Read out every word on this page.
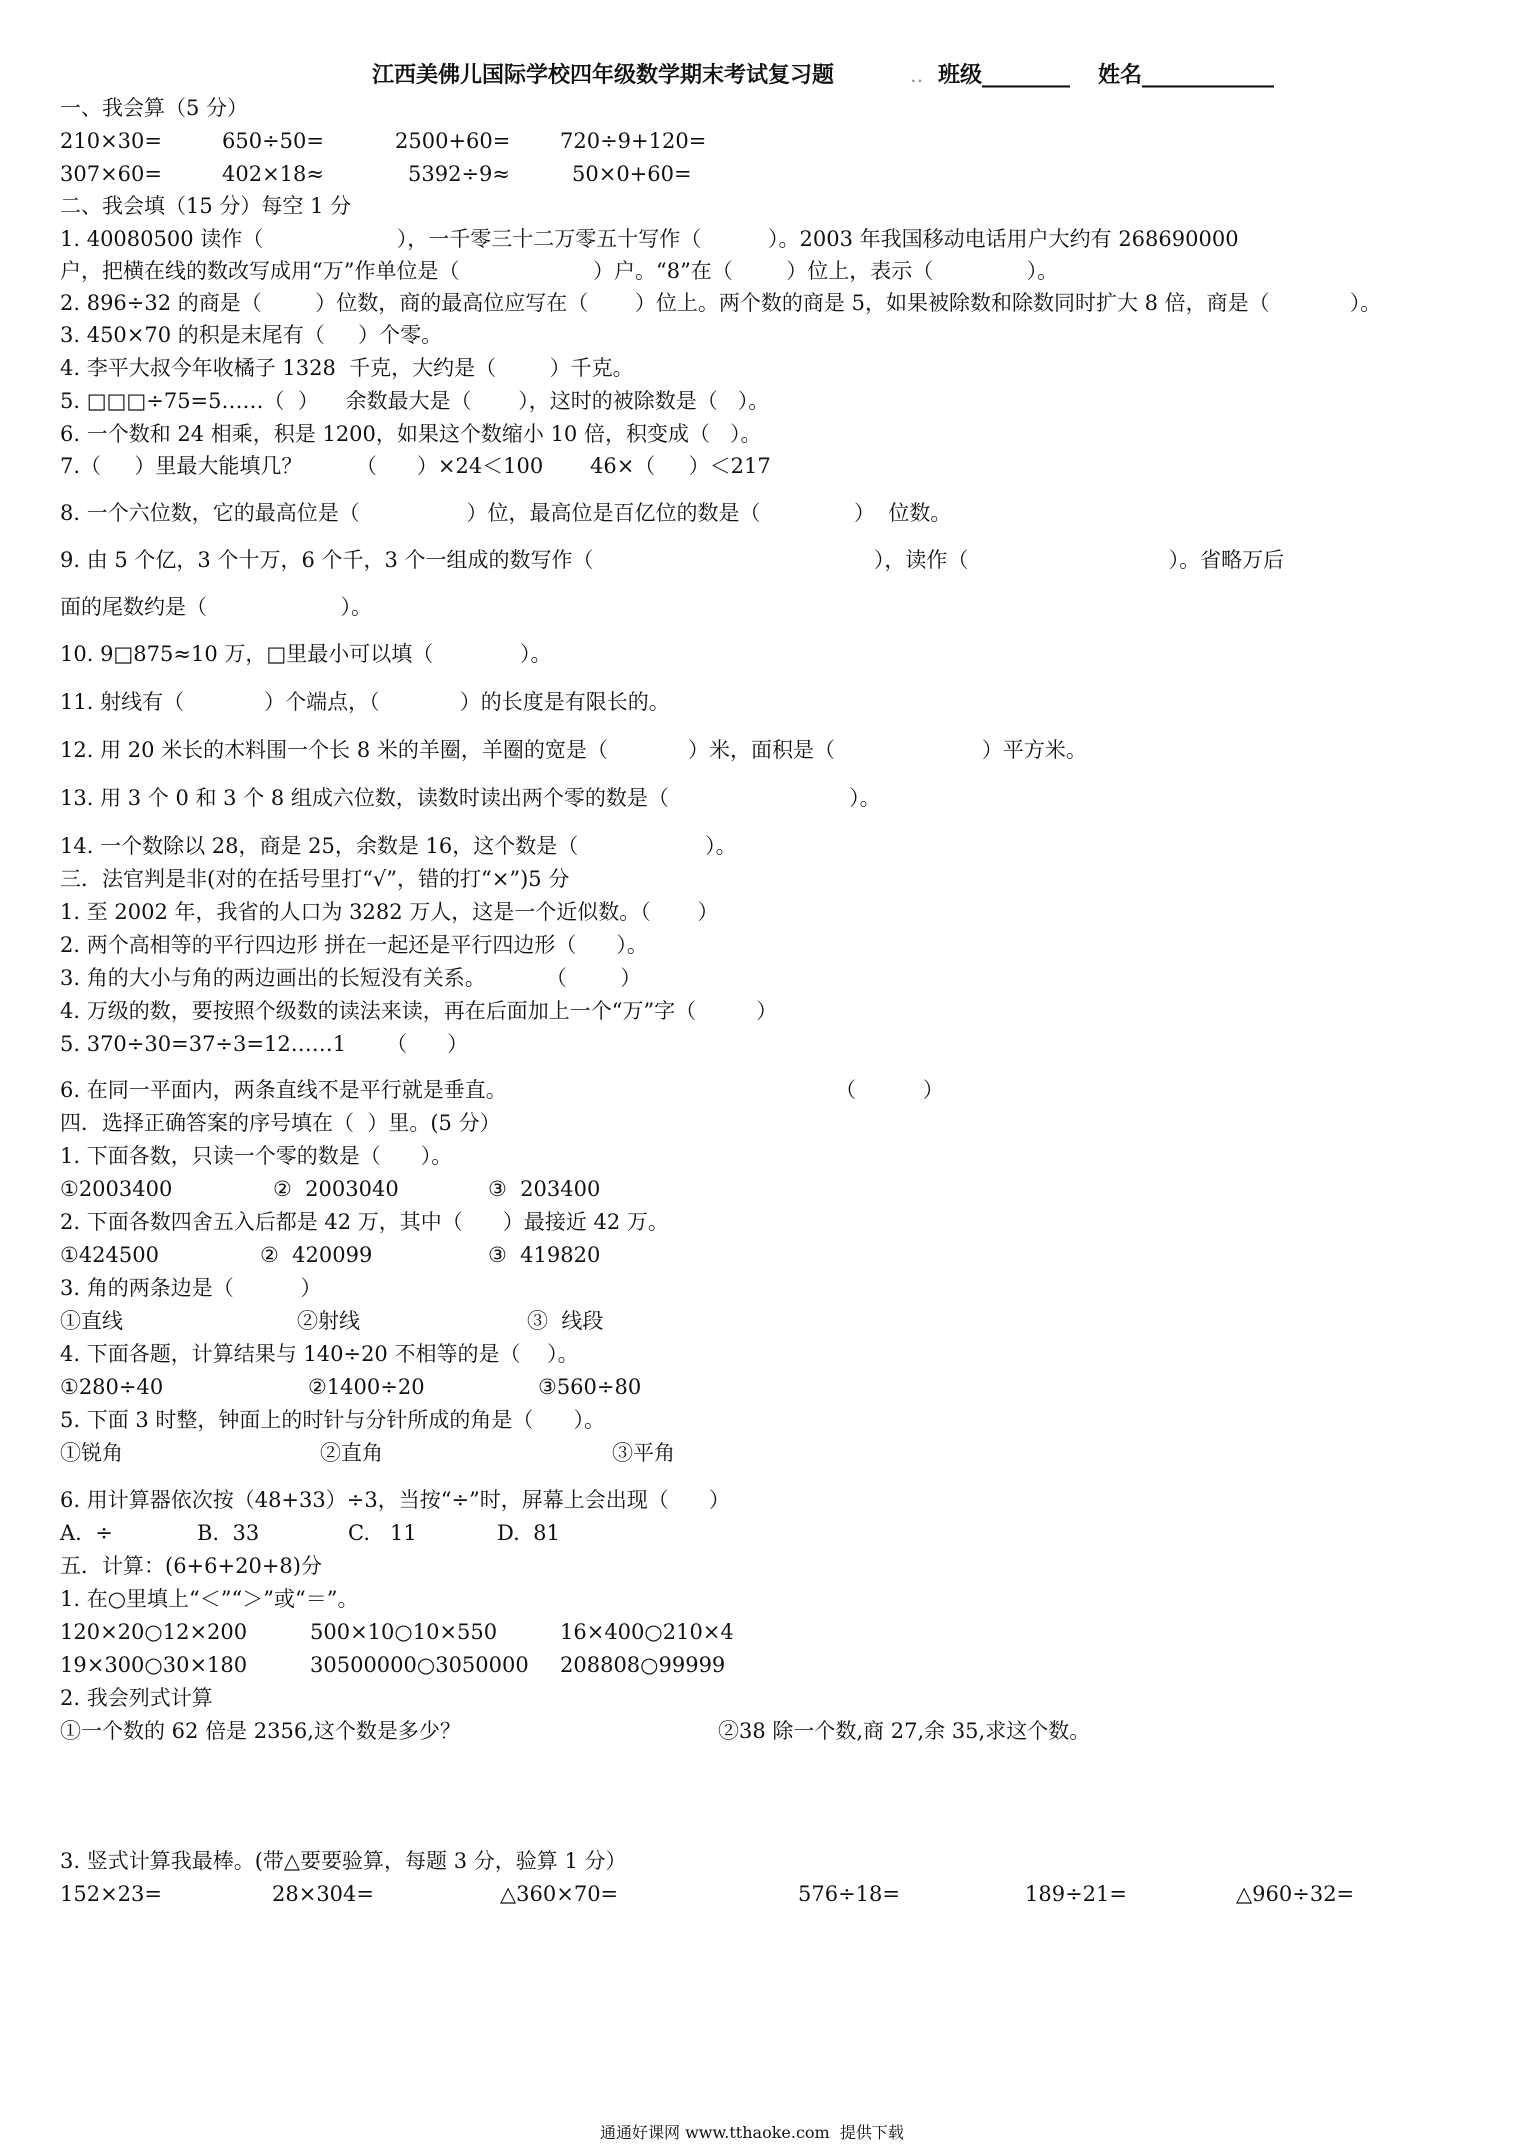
江西美佛儿国际学校四年级数学期末考试复习题	.. 班级________ 姓名____________
一、我会算（5 分）
210×30=	650÷50=	2500+60= 720÷9+120=
307×60=	402×18≈	5392÷9≈	50×0+60=
二、我会填（15 分）每空 1 分
1. 40080500 读作（                    ），一千零三十二万零五十写作（          ）。2003 年我国移动电话用户大约有 268690000
户，把横在线的数改写成用“万”作单位是（                    ）户。“8”在（        ）位上，表示（              ）。
2. 896÷32 的商是（        ）位数，商的最高位应写在（       ）位上。两个数的商是 5，如果被除数和除数同时扩大 8 倍，商是（            ）。
3. 450×70 的积是末尾有（     ）个零。
4. 李平大叔今年收橘子 1328  千克，大约是（        ）千克。
5. □□□÷75=5……（  ）    余数最大是（       ），这时的被除数是（   ）。
6. 一个数和 24 相乘，积是 1200，如果这个数缩小 10 倍，积变成（   ）。
7.（     ）里最大能填几？        （      ）×24＜100       46×（     ）＜217
8. 一个六位数，它的最高位是（                ）位，最高位是百亿位的数是（              ）  位数。
9. 由 5 个亿，3 个十万，6 个千，3 个一组成的数写作（                                          ），读作（                              ）。省略万后
面的尾数约是（                    ）。
10. 9□875≈10 万，□里最小可以填（             ）。
11. 射线有（            ）个端点，（            ）的长度是有限长的。
12. 用 20 米长的木料围一个长 8 米的羊圈，羊圈的宽是（            ）米，面积是（                      ）平方米。
13. 用 3 个 0 和 3 个 8 组成六位数，读数时读出两个零的数是（                           ）。
14. 一个数除以 28，商是 25，余数是 16，这个数是（                   ）。
三．法官判是非(对的在括号里打“√”，错的打“×”)5 分
1. 至 2002 年，我省的人口为 3282 万人，这是一个近似数。（       ）
2. 两个高相等的平行四边形 拼在一起还是平行四边形（      ）。
3. 角的大小与角的两边画出的长短没有关系。         （        ）
4. 万级的数，要按照个级数的读法来读，再在后面加上一个“万”字（         ）
5. 370÷30=37÷3=12……1      （      ）
6. 在同一平面内，两条直线不是平行就是垂直。	（          ）
四．选择正确答案的序号填在（  ）里。(5 分）
1. 下面各数，只读一个零的数是（      ）。
①2003400	②  2003040	③  203400
2. 下面各数四舍五入后都是 42 万，其中（      ）最接近 42 万。
①424500	②  420099	③  419820
3. 角的两条边是（          ）
①直线	②射线	③  线段
4. 下面各题，计算结果与 140÷20 不相等的是（    ）。
①280÷40	②1400÷20	③560÷80
5. 下面 3 时整，钟面上的时针与分针所成的角是（      ）。
①锐角	②直角	③平角
6. 用计算器依次按（48+33）÷3，当按“÷”时，屏幕上会出现（      ）
A.  ÷	B.  33	C.   11	D.  81
五．计算：(6+6+20+8)分
1. 在○里填上“＜”“＞”或“＝”。
120×20○12×200	500×10○10×550	16×400○210×4
19×300○30×180	30500000○3050000 208808○99999
2. 我会列式计算
①一个数的 62 倍是 2356,这个数是多少？	②38 除一个数,商 27,余 35,求这个数。
3. 竖式计算我最棒。(带△要要验算，每题 3 分，验算 1 分）
152×23=	28×304=	△360×70=	576÷18=	189÷21=	△960÷32=
通通好课网 www.tthaoke.com  提供下载
